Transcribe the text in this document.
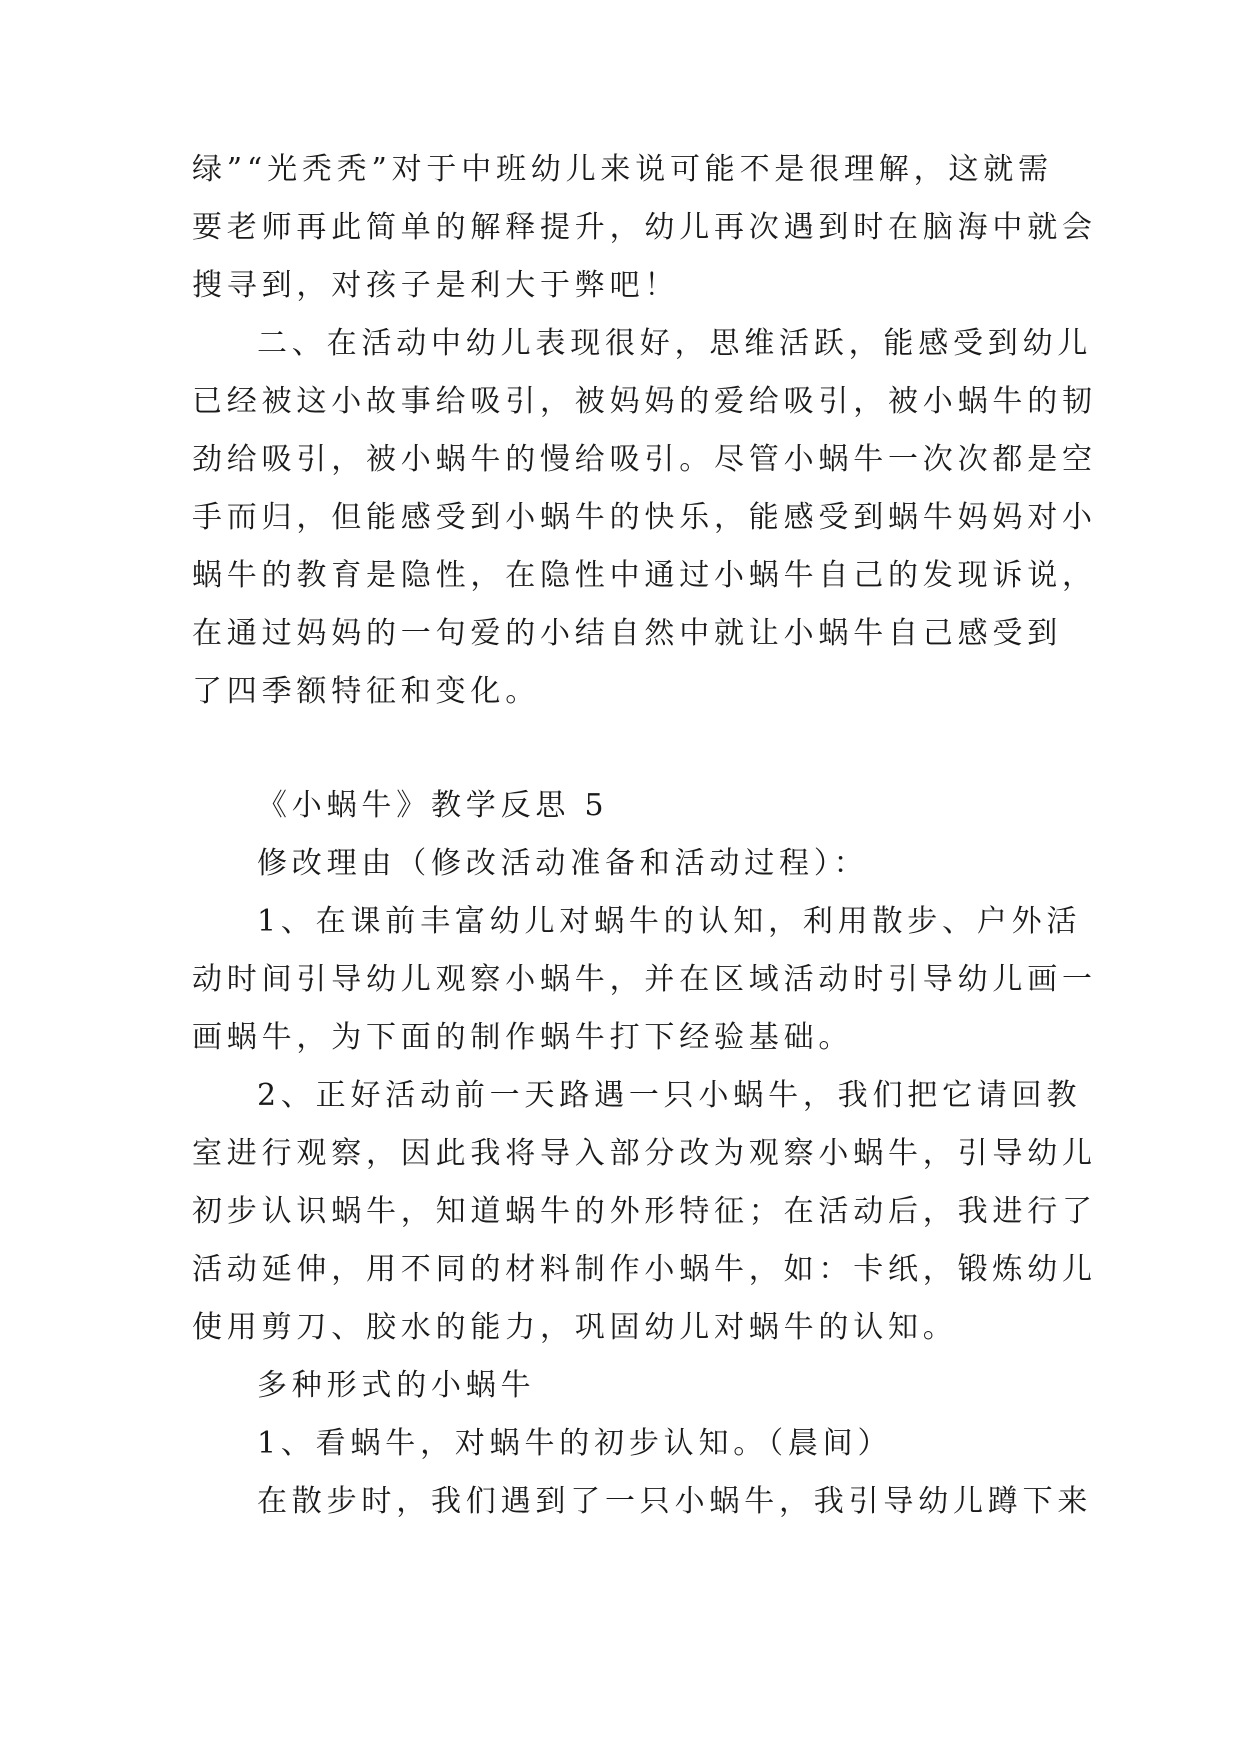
绿”“光秃秃”对于中班幼儿来说可能不是很理解，这就需
要老师再此简单的解释提升，幼儿再次遇到时在脑海中就会
搜寻到，对孩子是利大于弊吧！
二、在活动中幼儿表现很好，思维活跃，能感受到幼儿
已经被这小故事给吸引，被妈妈的爱给吸引，被小蜗牛的韧
劲给吸引，被小蜗牛的慢给吸引。尽管小蜗牛一次次都是空
手而归，但能感受到小蜗牛的快乐，能感受到蜗牛妈妈对小
蜗牛的教育是隐性，在隐性中通过小蜗牛自己的发现诉说，
在通过妈妈的一句爱的小结自然中就让小蜗牛自己感受到
了四季额特征和变化。
《小蜗牛》教学反思 5
修改理由（修改活动准备和活动过程）：
1、在课前丰富幼儿对蜗牛的认知，利用散步、户外活
动时间引导幼儿观察小蜗牛，并在区域活动时引导幼儿画一
画蜗牛，为下面的制作蜗牛打下经验基础。
2、正好活动前一天路遇一只小蜗牛，我们把它请回教
室进行观察，因此我将导入部分改为观察小蜗牛，引导幼儿
初步认识蜗牛，知道蜗牛的外形特征；在活动后，我进行了
活动延伸，用不同的材料制作小蜗牛，如：卡纸，锻炼幼儿
使用剪刀、胶水的能力，巩固幼儿对蜗牛的认知。
多种形式的小蜗牛
1、看蜗牛，对蜗牛的初步认知。（晨间）
在散步时，我们遇到了一只小蜗牛，我引导幼儿蹲下来
